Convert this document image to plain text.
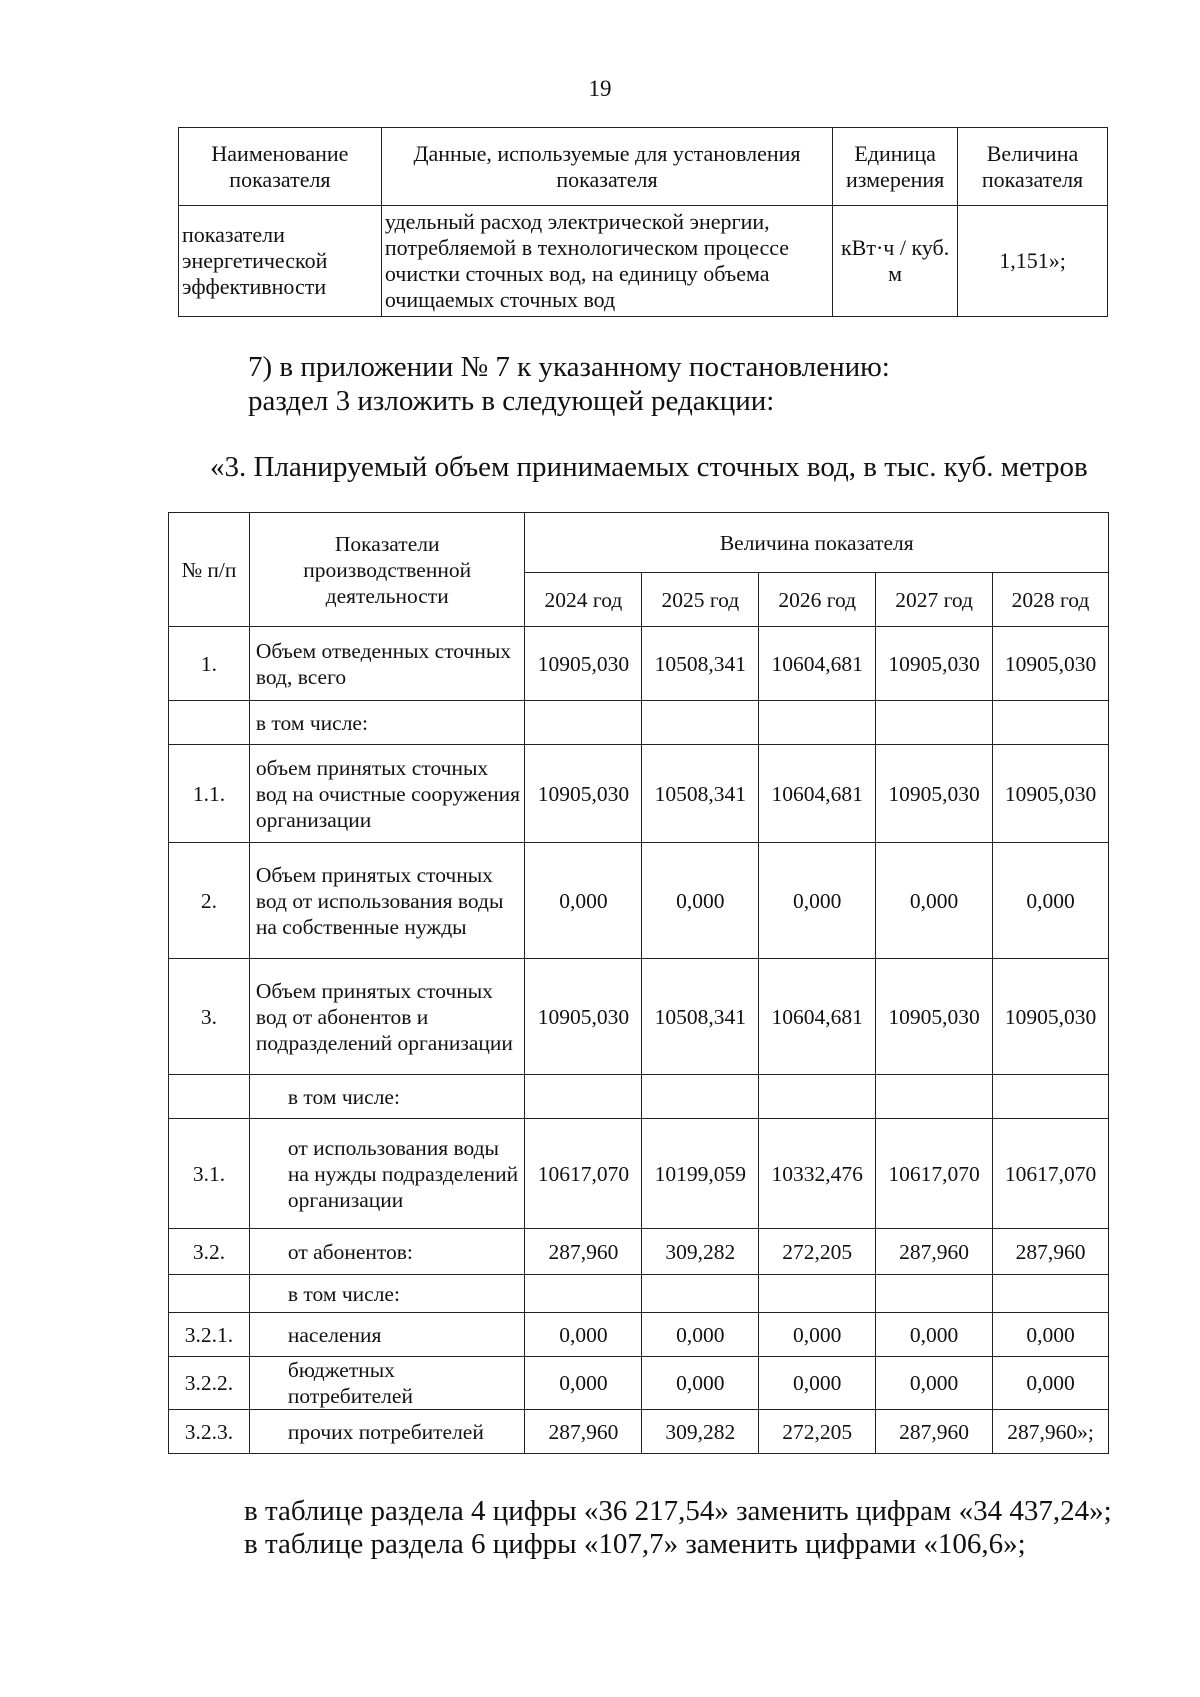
19
Наименование показателя	Данные, используемые для установления показателя	Единица измерения	Величина показателя
показатели энергетической эффективности	удельный расход электрической энергии, потребляемой в технологическом процессе очистки сточных вод, на единицу объема очищаемых сточных вод	кВт·ч / куб. м	1,151»;
7) в приложении № 7 к указанному постановлению:
раздел 3 изложить в следующей редакции:
«3. Планируемый объем принимаемых сточных вод, в тыс. куб. метров
№ п/п	Показатели производственной деятельности	Величина показателя				
		2024 год	2025 год	2026 год	2027 год	2028 год
1.	Объем отведенных сточных вод, всего	10905,030	10508,341	10604,681	10905,030	10905,030
	в том числе:					
1.1.	объем принятых сточных вод на очистные сооружения организации	10905,030	10508,341	10604,681	10905,030	10905,030
2.	Объем принятых сточных вод от использования воды на собственные нужды	0,000	0,000	0,000	0,000	0,000
3.	Объем принятых сточных вод от абонентов и подразделений организации	10905,030	10508,341	10604,681	10905,030	10905,030
	в том числе:					
3.1.	от использования воды на нужды подразделений организации	10617,070	10199,059	10332,476	10617,070	10617,070
3.2.	от абонентов:	287,960	309,282	272,205	287,960	287,960
	в том числе:					
3.2.1.	населения	0,000	0,000	0,000	0,000	0,000
3.2.2.	бюджетных потребителей	0,000	0,000	0,000	0,000	0,000
3.2.3.	прочих потребителей	287,960	309,282	272,205	287,960	287,960»;
в таблице раздела 4 цифры «36 217,54» заменить цифрам «34 437,24»;
в таблице раздела 6 цифры «107,7» заменить цифрами «106,6»;
